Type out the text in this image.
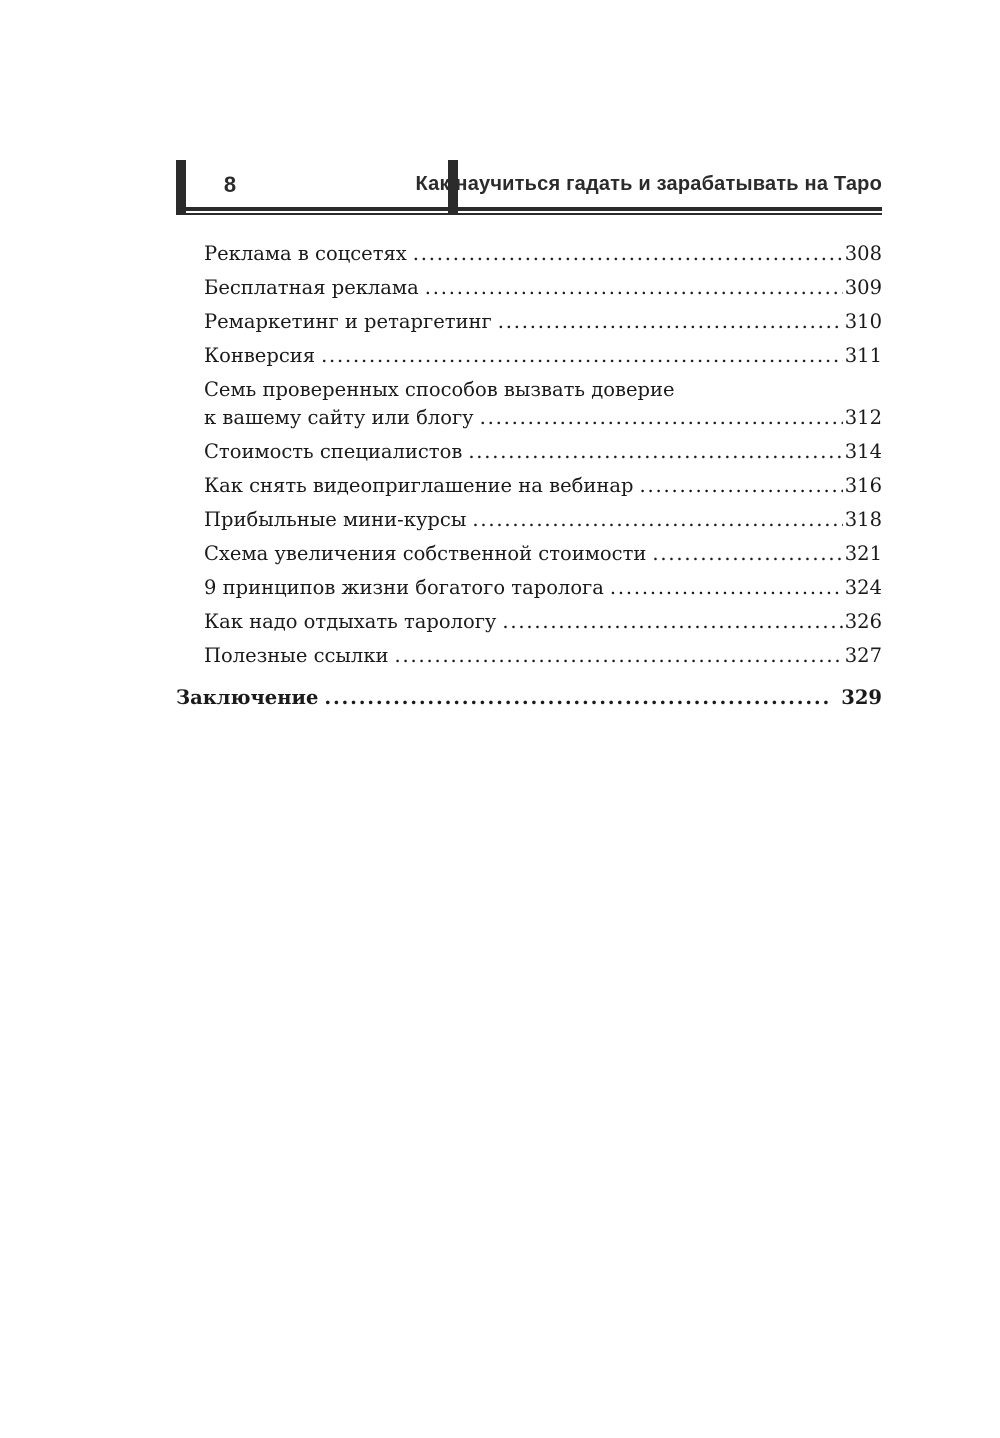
8	Как научиться гадать и зарабатывать на Таро
Реклама в соцсетях .....	308
Бесплатная реклама .....	309
Ремаркетинг и ретаргетинг .....	310
Конверсия .....	311
Семь проверенных способов вызвать доверие
к вашему сайту или блогу .....	312
Стоимость специалистов .....	314
Как снять видеоприглашение на вебинар .....	316
Прибыльные мини-курсы .....	318
Схема увеличения собственной стоимости .....	321
9 принципов жизни богатого таролога .....	324
Как надо отдыхать тарологу .....	326
Полезные ссылки .....	327
Заключение .....	329
